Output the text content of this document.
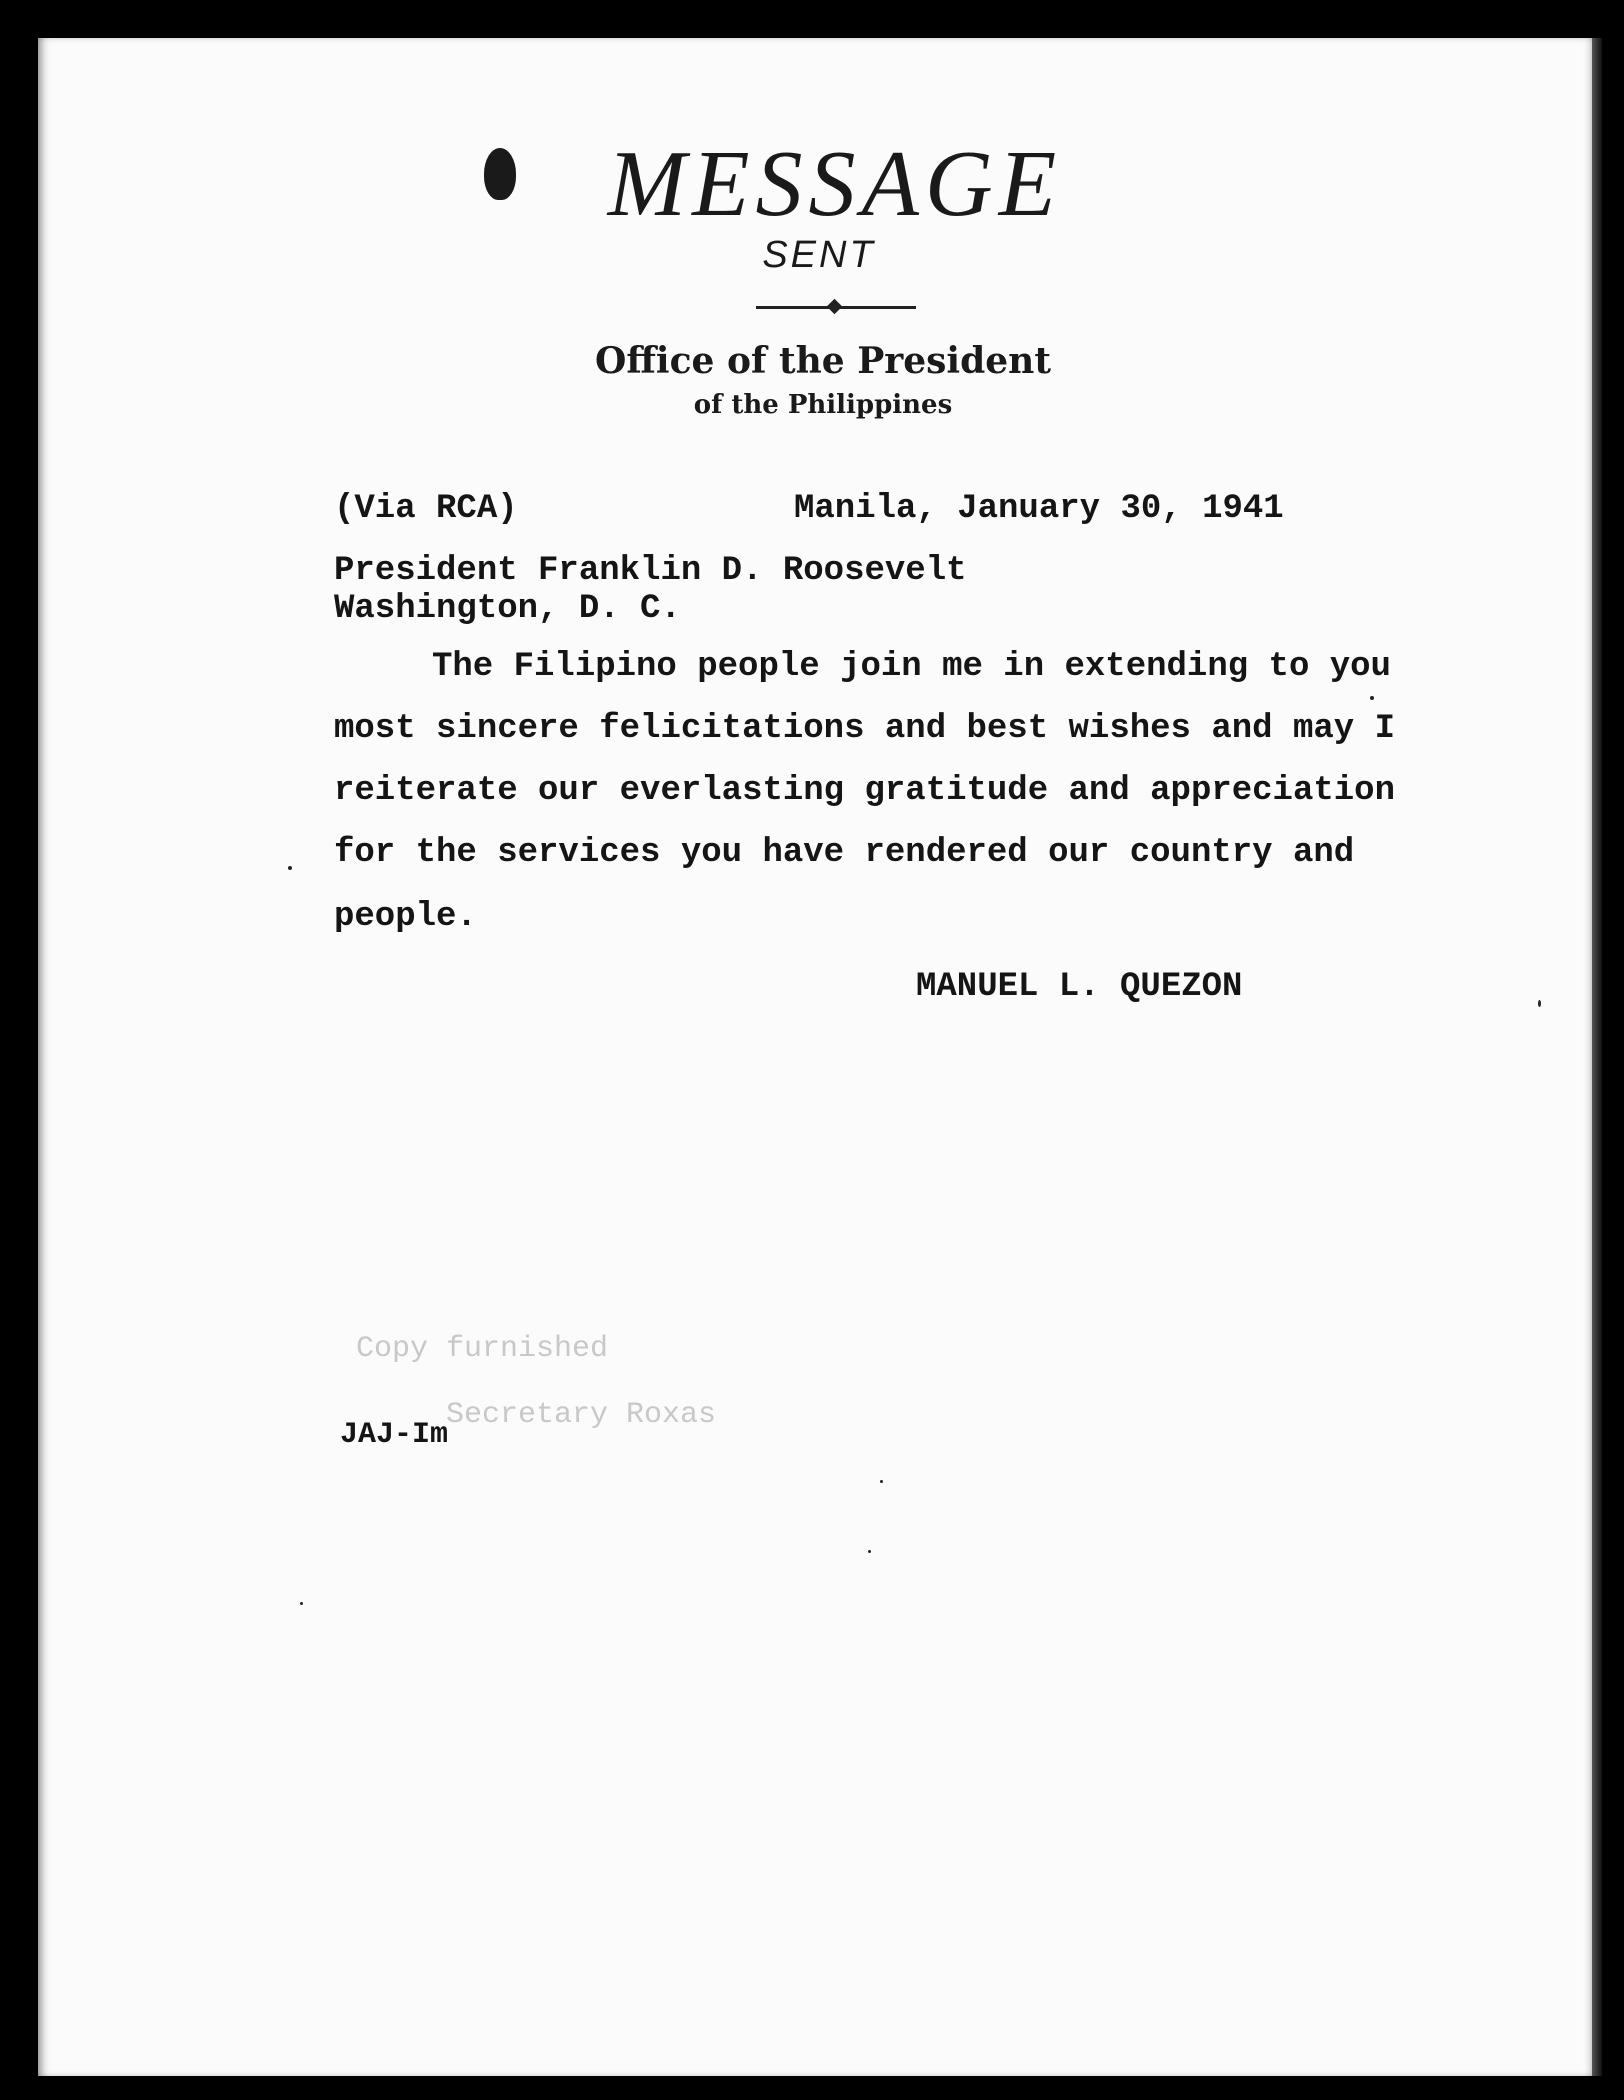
MESSAGE
SENT
Office of the President
of the Philippines
(Via RCA)	Manila, January 30, 1941
President Franklin D. Roosevelt
Washington, D. C.
The Filipino people join me in extending to you
most sincere felicitations and best wishes and may I
reiterate our everlasting gratitude and appreciation
for the services you have rendered our country and
people.
MANUEL L. QUEZON
Copy furnished
Secretary Roxas
JAJ-Im
